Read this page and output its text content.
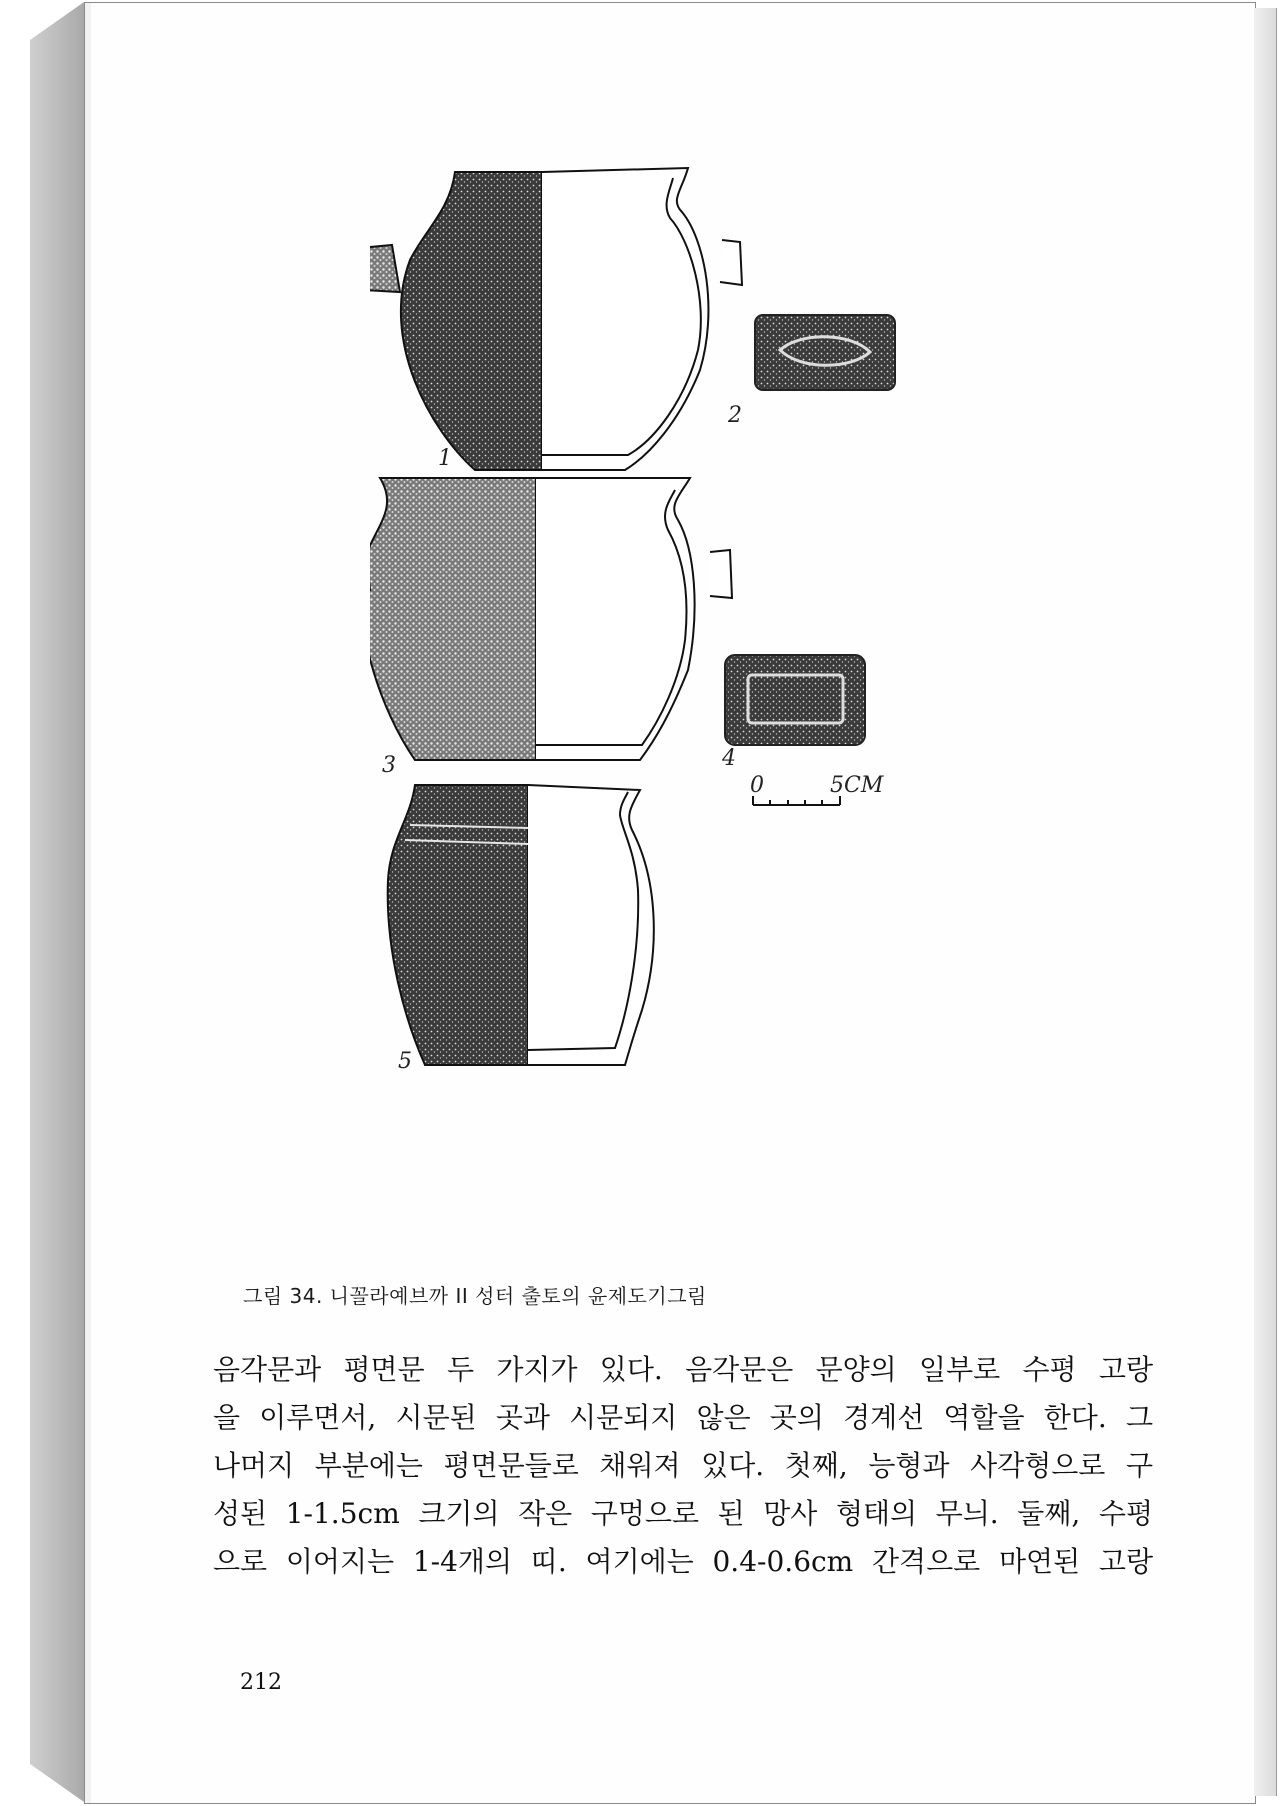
1
2
3	4
0	5CM
5
그림 34. 니꼴라예브까 II 성터 출토의 윤제도기그림
음각문과 평면문 두 가지가 있다. 음각문은 문양의 일부로 수평 고랑
을 이루면서, 시문된 곳과 시문되지 않은 곳의 경계선 역할을 한다. 그
나머지 부분에는 평면문들로 채워져 있다. 첫째, 능형과 사각형으로 구
성된 1-1.5cm 크기의 작은 구멍으로 된 망사 형태의 무늬. 둘째, 수평
으로 이어지는 1-4개의 띠. 여기에는 0.4-0.6cm 간격으로 마연된 고랑
212
